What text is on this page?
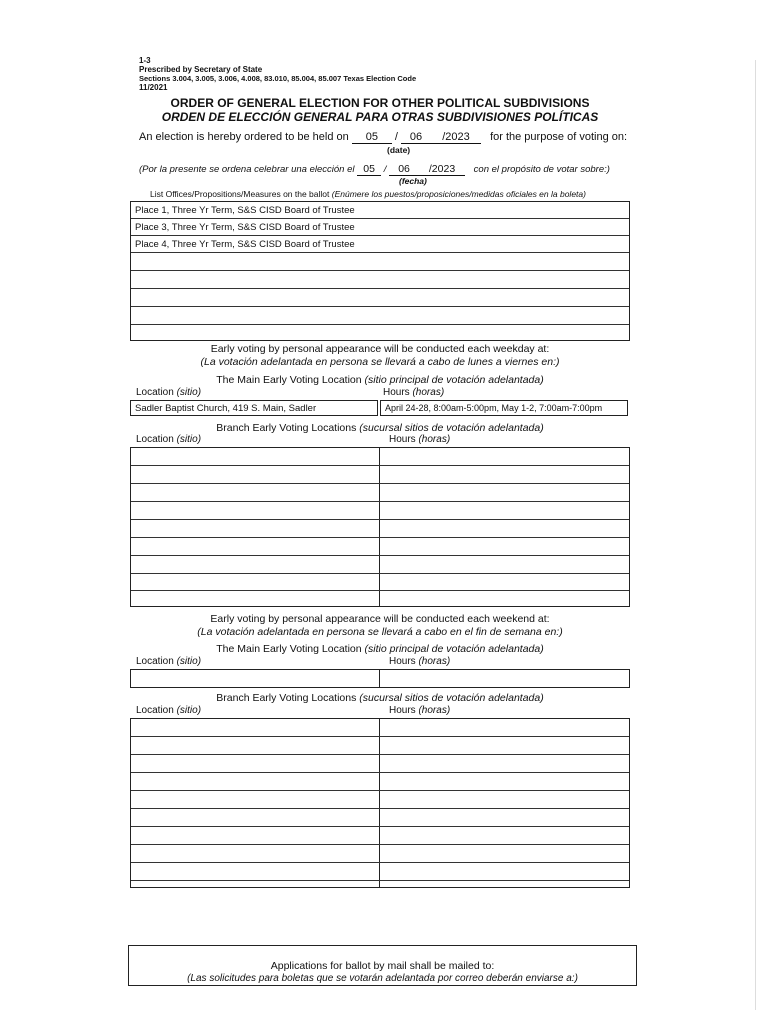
1-3
Prescribed by Secretary of State
Sections 3.004, 3.005, 3.006, 4.008, 83.010, 85.004, 85.007 Texas Election Code
11/2021
ORDER OF GENERAL ELECTION FOR OTHER POLITICAL SUBDIVISIONS
ORDEN DE ELECCIÓN GENERAL PARA OTRAS SUBDIVISIONES POLÍTICAS
An election is hereby ordered to be held on 05 / 06 /2023 for the purpose of voting on:
(date)
(Por la presente se ordena celebrar una elección el 05 / 06 /2023 con el propósito de votar sobre:)
(fecha)
List Offices/Propositions/Measures on the ballot (Enúmere los puestos/proposiciones/medidas oficiales en la boleta)
Place 1, Three Yr Term, S&S CISD Board of Trustee
Place 3, Three Yr Term, S&S CISD Board of Trustee
Place 4, Three Yr Term, S&S CISD Board of Trustee
Early voting by personal appearance will be conducted each weekday at:
(La votación adelantada en persona se llevará a cabo de lunes a viernes en:)
The Main Early Voting Location (sitio principal de votación adelantada)
Location (sitio)	Hours (horas)
Sadler Baptist Church, 419 S. Main, Sadler	April 24-28, 8:00am-5:00pm, May 1-2, 7:00am-7:00pm
Branch Early Voting Locations (sucursal sitios de votación adelantada)
Location (sitio)	Hours (horas)
Early voting by personal appearance will be conducted each weekend at:
(La votación adelantada en persona se llevará a cabo en el fin de semana en:)
The Main Early Voting Location (sitio principal de votación adelantada)
Location (sitio)	Hours (horas)
Branch Early Voting Locations (sucursal sitios de votación adelantada)
Location (sitio)	Hours (horas)
Applications for ballot by mail shall be mailed to:
(Las solicitudes para boletas que se votarán adelantada por correo deberán enviarse a:)
